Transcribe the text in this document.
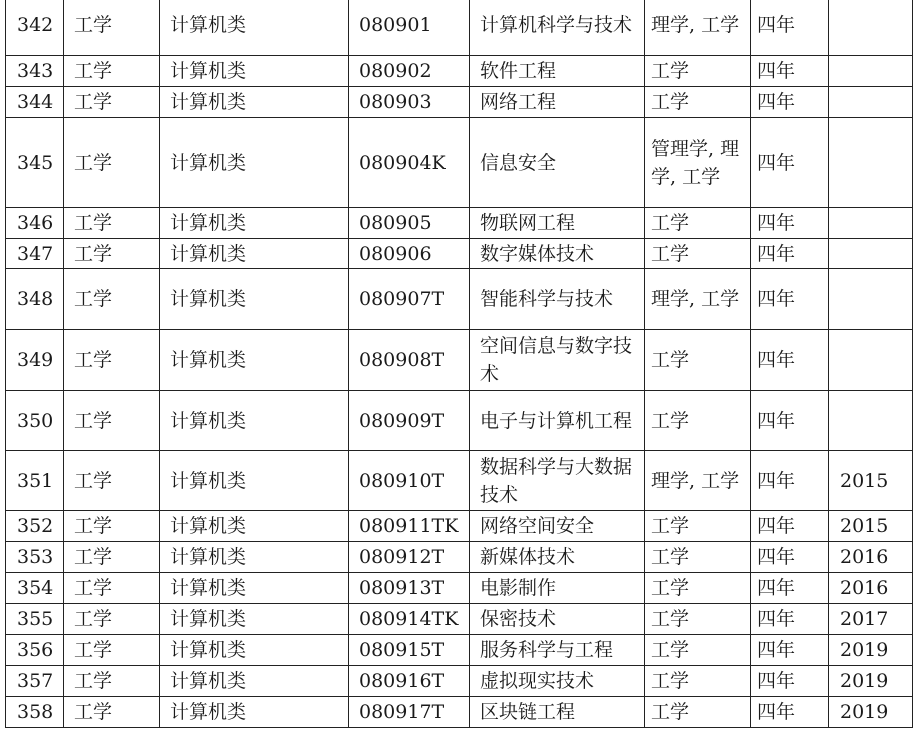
342	工学	计算机类	080901	计算机科学与技术	理学, 工学	四年	
343	工学	计算机类	080902	软件工程	工学	四年	
344	工学	计算机类	080903	网络工程	工学	四年	
345	工学	计算机类	080904K	信息安全	管理学, 理学, 工学	四年	
346	工学	计算机类	080905	物联网工程	工学	四年	
347	工学	计算机类	080906	数字媒体技术	工学	四年	
348	工学	计算机类	080907T	智能科学与技术	理学, 工学	四年	
349	工学	计算机类	080908T	空间信息与数字技术	工学	四年	
350	工学	计算机类	080909T	电子与计算机工程	工学	四年	
351	工学	计算机类	080910T	数据科学与大数据技术	理学, 工学	四年	2015
352	工学	计算机类	080911TK	网络空间安全	工学	四年	2015
353	工学	计算机类	080912T	新媒体技术	工学	四年	2016
354	工学	计算机类	080913T	电影制作	工学	四年	2016
355	工学	计算机类	080914TK	保密技术	工学	四年	2017
356	工学	计算机类	080915T	服务科学与工程	工学	四年	2019
357	工学	计算机类	080916T	虚拟现实技术	工学	四年	2019
358	工学	计算机类	080917T	区块链工程	工学	四年	2019
